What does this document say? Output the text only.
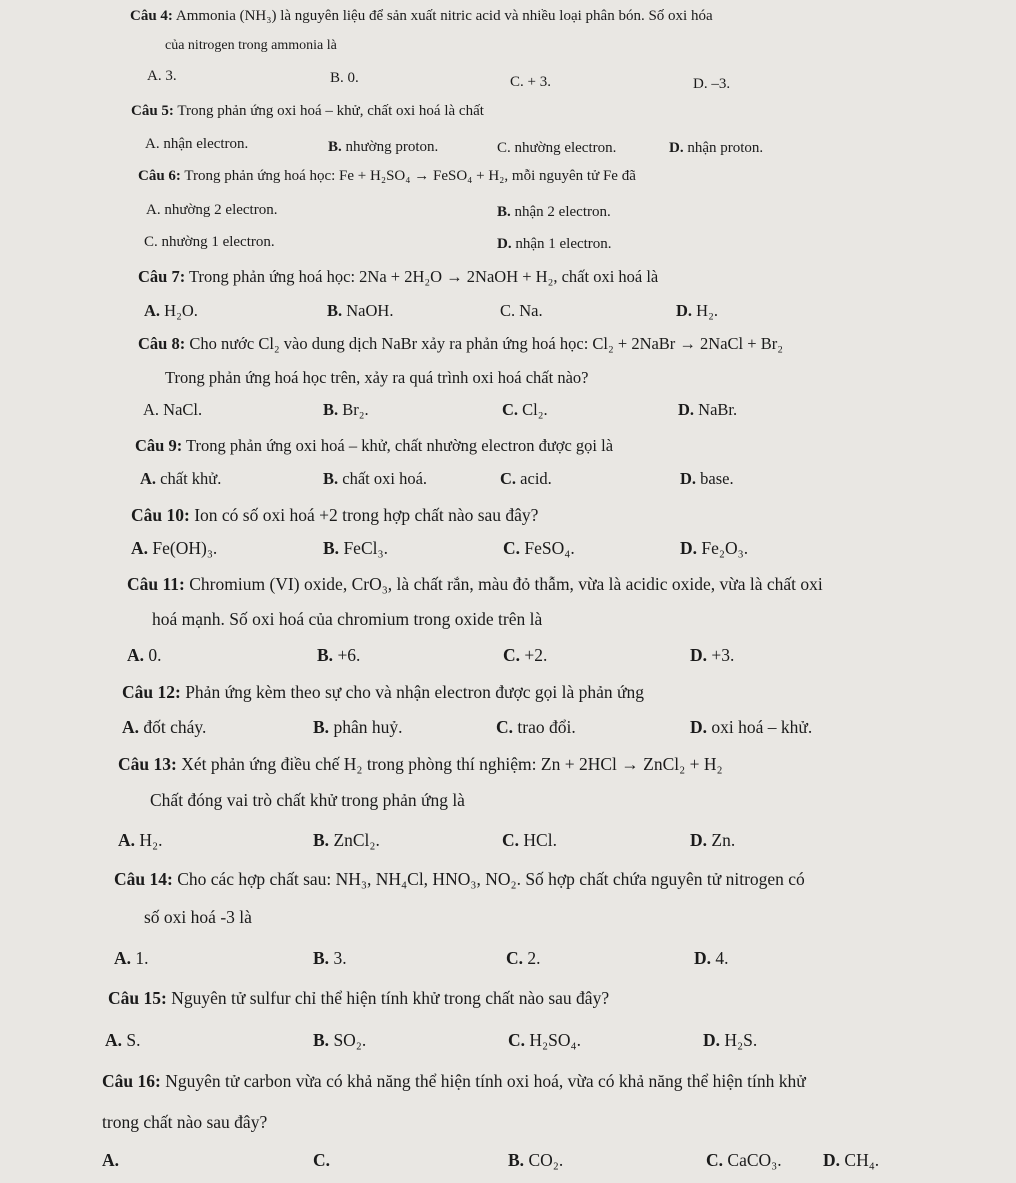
Câu 4: Ammonia (NH₃) là nguyên liệu để sản xuất nitric acid và nhiều loại phân bón. Số oxi hóa
của nitrogen trong ammonia là
A. 3.	B. 0.	C. + 3.	D. –3.
Câu 5: Trong phản ứng oxi hoá – khử, chất oxi hoá là chất
A. nhận electron.	B. nhường proton.	C. nhường electron.	D. nhận proton.
Câu 6: Trong phản ứng hoá học: Fe + H₂SO₄ → FeSO₄ + H₂, mỗi nguyên tử Fe đã
A. nhường 2 electron.	B. nhận 2 electron.
C. nhường 1 electron.	D. nhận 1 electron.
Câu 7: Trong phản ứng hoá học: 2Na + 2H₂O → 2NaOH + H₂, chất oxi hoá là
A. H₂O.	B. NaOH.	C. Na.	D. H₂.
Câu 8: Cho nước Cl₂ vào dung dịch NaBr xảy ra phản ứng hoá học: Cl₂ + 2NaBr → 2NaCl + Br₂
Trong phản ứng hoá học trên, xảy ra quá trình oxi hoá chất nào?
A. NaCl.	B. Br₂.	C. Cl₂.	D. NaBr.
Câu 9: Trong phản ứng oxi hoá – khử, chất nhường electron được gọi là
A. chất khử.	B. chất oxi hoá.	C. acid.	D. base.
Câu 10: Ion có số oxi hoá +2 trong hợp chất nào sau đây?
A. Fe(OH)₃.	B. FeCl₃.	C. FeSO₄.	D. Fe₂O₃.
Câu 11: Chromium (VI) oxide, CrO₃, là chất rắn, màu đỏ thẫm, vừa là acidic oxide, vừa là chất oxi
hoá mạnh. Số oxi hoá của chromium trong oxide trên là
A. 0.	B. +6.	C. +2.	D. +3.
Câu 12: Phản ứng kèm theo sự cho và nhận electron được gọi là phản ứng
A. đốt cháy.	B. phân huỷ.	C. trao đổi.	D. oxi hoá – khử.
Câu 13: Xét phản ứng điều chế H₂ trong phòng thí nghiệm: Zn + 2HCl → ZnCl₂ + H₂
Chất đóng vai trò chất khử trong phản ứng là
A. H₂.	B. ZnCl₂.	C. HCl.	D. Zn.
Câu 14: Cho các hợp chất sau: NH₃, NH₄Cl, HNO₃, NO₂. Số hợp chất chứa nguyên tử nitrogen có
số oxi hoá -3 là
A. 1.	B. 3.	C. 2.	D. 4.
Câu 15: Nguyên tử sulfur chỉ thể hiện tính khử trong chất nào sau đây?
A. S.	B. SO₂.	C. H₂SO₄.	D. H₂S.
Câu 16: Nguyên tử carbon vừa có khả năng thể hiện tính oxi hoá, vừa có khả năng thể hiện tính khử
trong chất nào sau đây?
A.	C.	B. CO₂.	C. CaCO₃. D. CH₄.
